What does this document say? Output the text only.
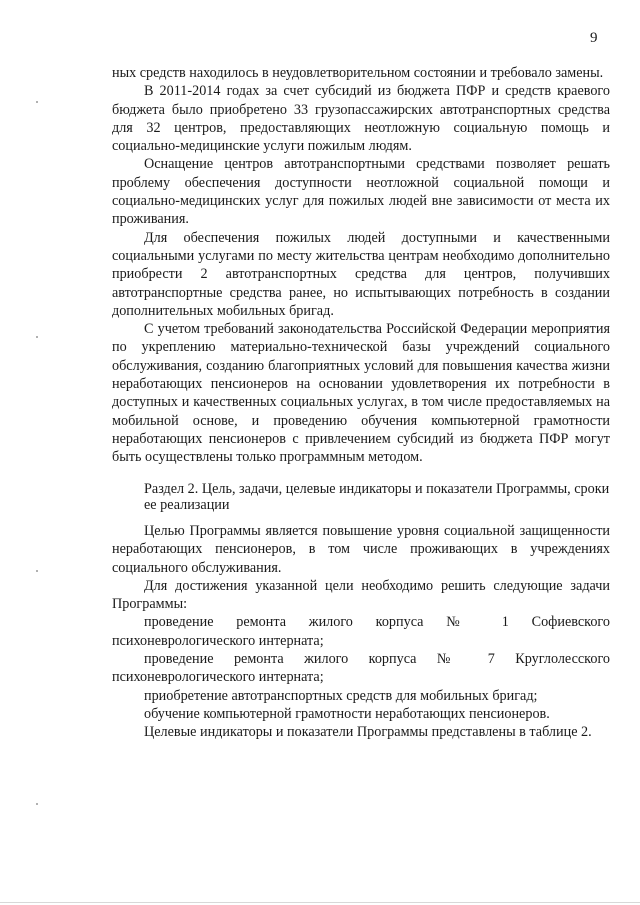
9

ных средств находилось в неудовлетворительном состоянии и требовало замены.

В 2011-2014 годах за счет субсидий из бюджета ПФР и средств краевого бюджета было приобретено 33 грузопассажирских автотранспортных средства для 32 центров, предоставляющих неотложную социальную помощь и социально-медицинские услуги пожилым людям.

Оснащение центров автотранспортными средствами позволяет решать проблему обеспечения доступности неотложной социальной помощи и социально-медицинских услуг для пожилых людей вне зависимости от места их проживания.

Для обеспечения пожилых людей доступными и качественными социальными услугами по месту жительства центрам необходимо дополнительно приобрести 2 автотранспортных средства для центров, получивших автотранспортные средства ранее, но испытывающих потребность в создании дополнительных мобильных бригад.

С учетом требований законодательства Российской Федерации мероприятия по укреплению материально-технической базы учреждений социального обслуживания, созданию благоприятных условий для повышения качества жизни неработающих пенсионеров на основании удовлетворения их потребности в доступных и качественных социальных услугах, в том числе предоставляемых на мобильной основе, и проведению обучения компьютерной грамотности неработающих пенсионеров с привлечением субсидий из бюджета ПФР могут быть осуществлены только программным методом.

Раздел 2. Цель, задачи, целевые индикаторы и показатели Программы, сроки ее реализации

Целью Программы является повышение уровня социальной защищенности неработающих пенсионеров, в том числе проживающих в учреждениях социального обслуживания.

Для достижения указанной цели необходимо решить следующие задачи Программы:

проведение ремонта жилого корпуса № 1 Софиевского психоневрологического интерната;

проведение ремонта жилого корпуса № 7 Круглолесского психоневрологического интерната;

приобретение автотранспортных средств для мобильных бригад;

обучение компьютерной грамотности неработающих пенсионеров.

Целевые индикаторы и показатели Программы представлены в таблице 2.
